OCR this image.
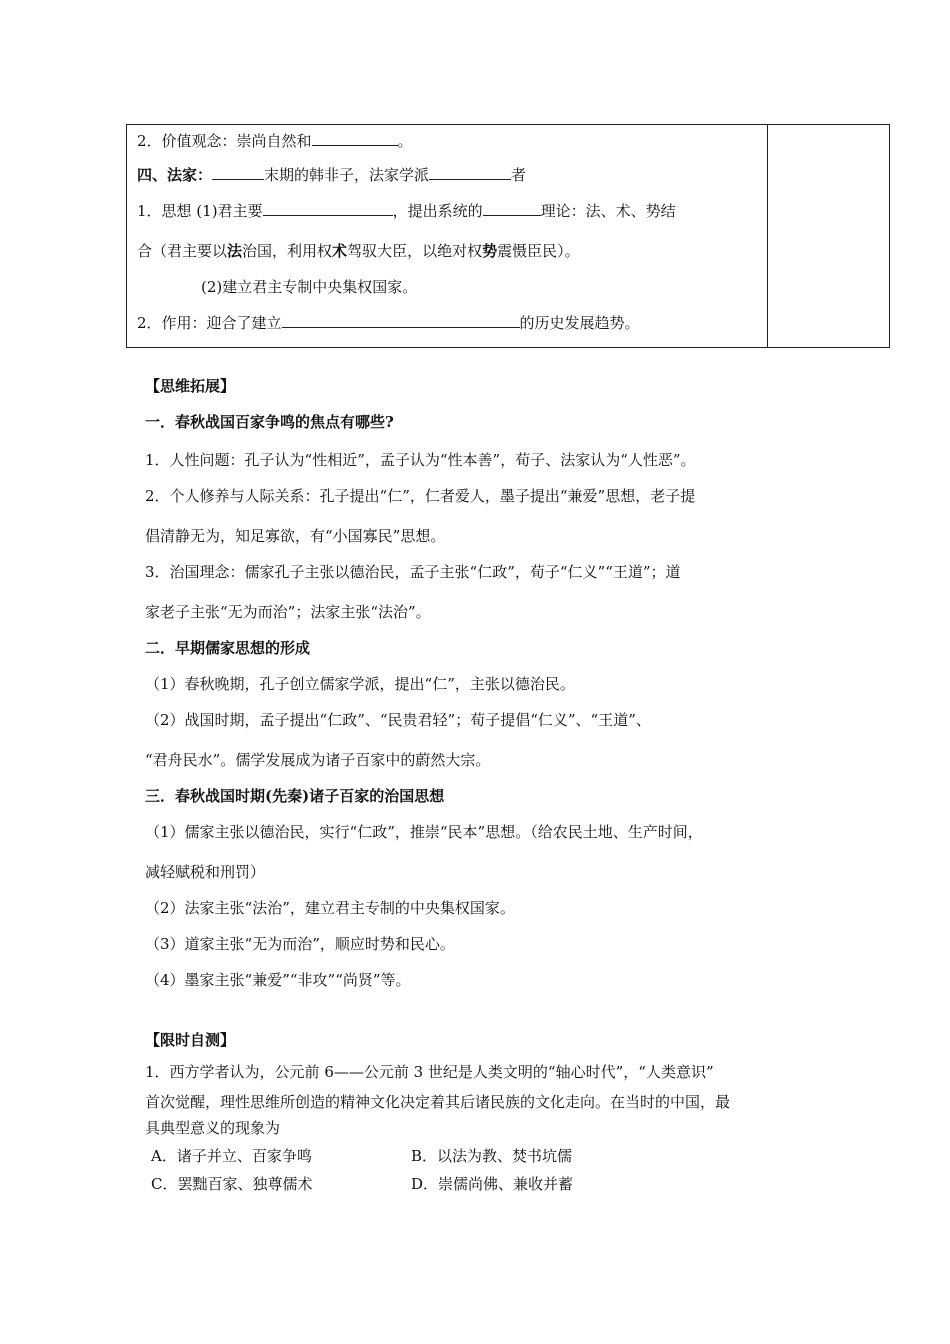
2．价值观念：崇尚自然和	。
四、法家：	末期的韩非子，法家学派	者
1．思想 (1)君主要	，提出系统的	理论：法、术、势结
合（君主要以法治国，利用权术驾驭大臣，以绝对权势震慑臣民）。
(2)建立君主专制中央集权国家。
2．作用：迎合了建立	的历史发展趋势。
【思维拓展】
一．春秋战国百家争鸣的焦点有哪些?
1．人性问题：孔子认为“性相近”，孟子认为“性本善”，荀子、法家认为“人性恶”。
2．个人修养与人际关系：孔子提出“仁”，仁者爱人，墨子提出“兼爱”思想，老子提
倡清静无为，知足寡欲，有“小国寡民”思想。
3．治国理念：儒家孔子主张以德治民，孟子主张“仁政”，荀子“仁义”“王道”；道
家老子主张“无为而治”；法家主张“法治”。
二．早期儒家思想的形成
（1）春秋晚期，孔子创立儒家学派，提出“仁”，主张以德治民。
（2）战国时期，孟子提出“仁政”、“民贵君轻”；荀子提倡“仁义”、“王道”、
“君舟民水”。儒学发展成为诸子百家中的蔚然大宗。
三．春秋战国时期(先秦)诸子百家的治国思想
（1）儒家主张以德治民，实行“仁政”，推崇“民本”思想。（给农民土地、生产时间，
减轻赋税和刑罚）
（2）法家主张“法治”，建立君主专制的中央集权国家。
（3）道家主张“无为而治”，顺应时势和民心。
（4）墨家主张“兼爱”“非攻”“尚贤”等。
【限时自测】
1．西方学者认为，公元前 6——公元前 3 世纪是人类文明的“轴心时代”，“人类意识”
首次觉醒，理性思维所创造的精神文化决定着其后诸民族的文化走向。在当时的中国，最
具典型意义的现象为
A．诸子并立、百家争鸣	B．以法为教、焚书坑儒
C．罢黜百家、独尊儒术	D．崇儒尚佛、兼收并蓄
